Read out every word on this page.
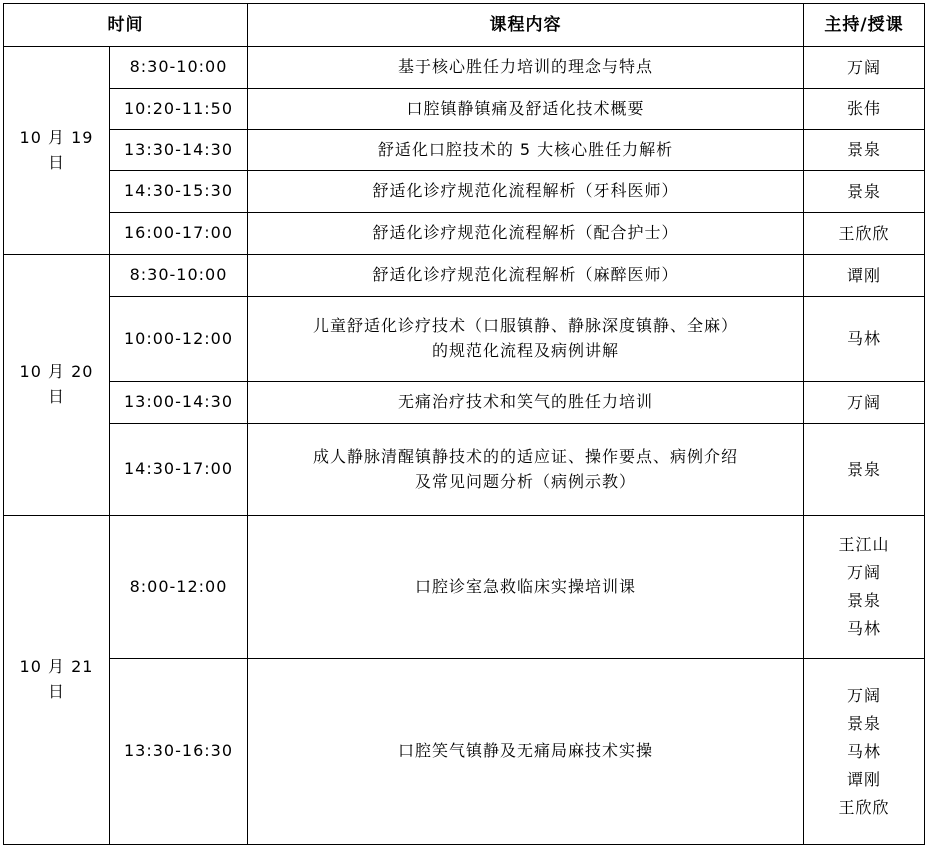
时间		课程内容	主持/授课

10 月 19
日	8:30-10:00	基于核心胜任力培训的理念与特点	万阔

	10:20-11:50	口腔镇静镇痛及舒适化技术概要	张伟

	13:30-14:30	舒适化口腔技术的 5 大核心胜任力解析	景泉

	14:30-15:30	舒适化诊疗规范化流程解析（牙科医师）	景泉

	16:00-17:00	舒适化诊疗规范化流程解析（配合护士）	王欣欣

10 月 20
日	8:30-10:00	舒适化诊疗规范化流程解析（麻醉医师）	谭刚

	10:00-12:00	儿童舒适化诊疗技术（口服镇静、静脉深度镇静、全麻）
的规范化流程及病例讲解	马林

	13:00-14:30	无痛治疗技术和笑气的胜任力培训	万阔

	14:30-17:00	成人静脉清醒镇静技术的的适应证、操作要点、病例介绍
及常见问题分析（病例示教）	景泉

10 月 21
日	8:00-12:00	口腔诊室急救临床实操培训课	王江山
万阔
景泉
马林

	13:30-16:30	口腔笑气镇静及无痛局麻技术实操	万阔
景泉
马林
谭刚
王欣欣
